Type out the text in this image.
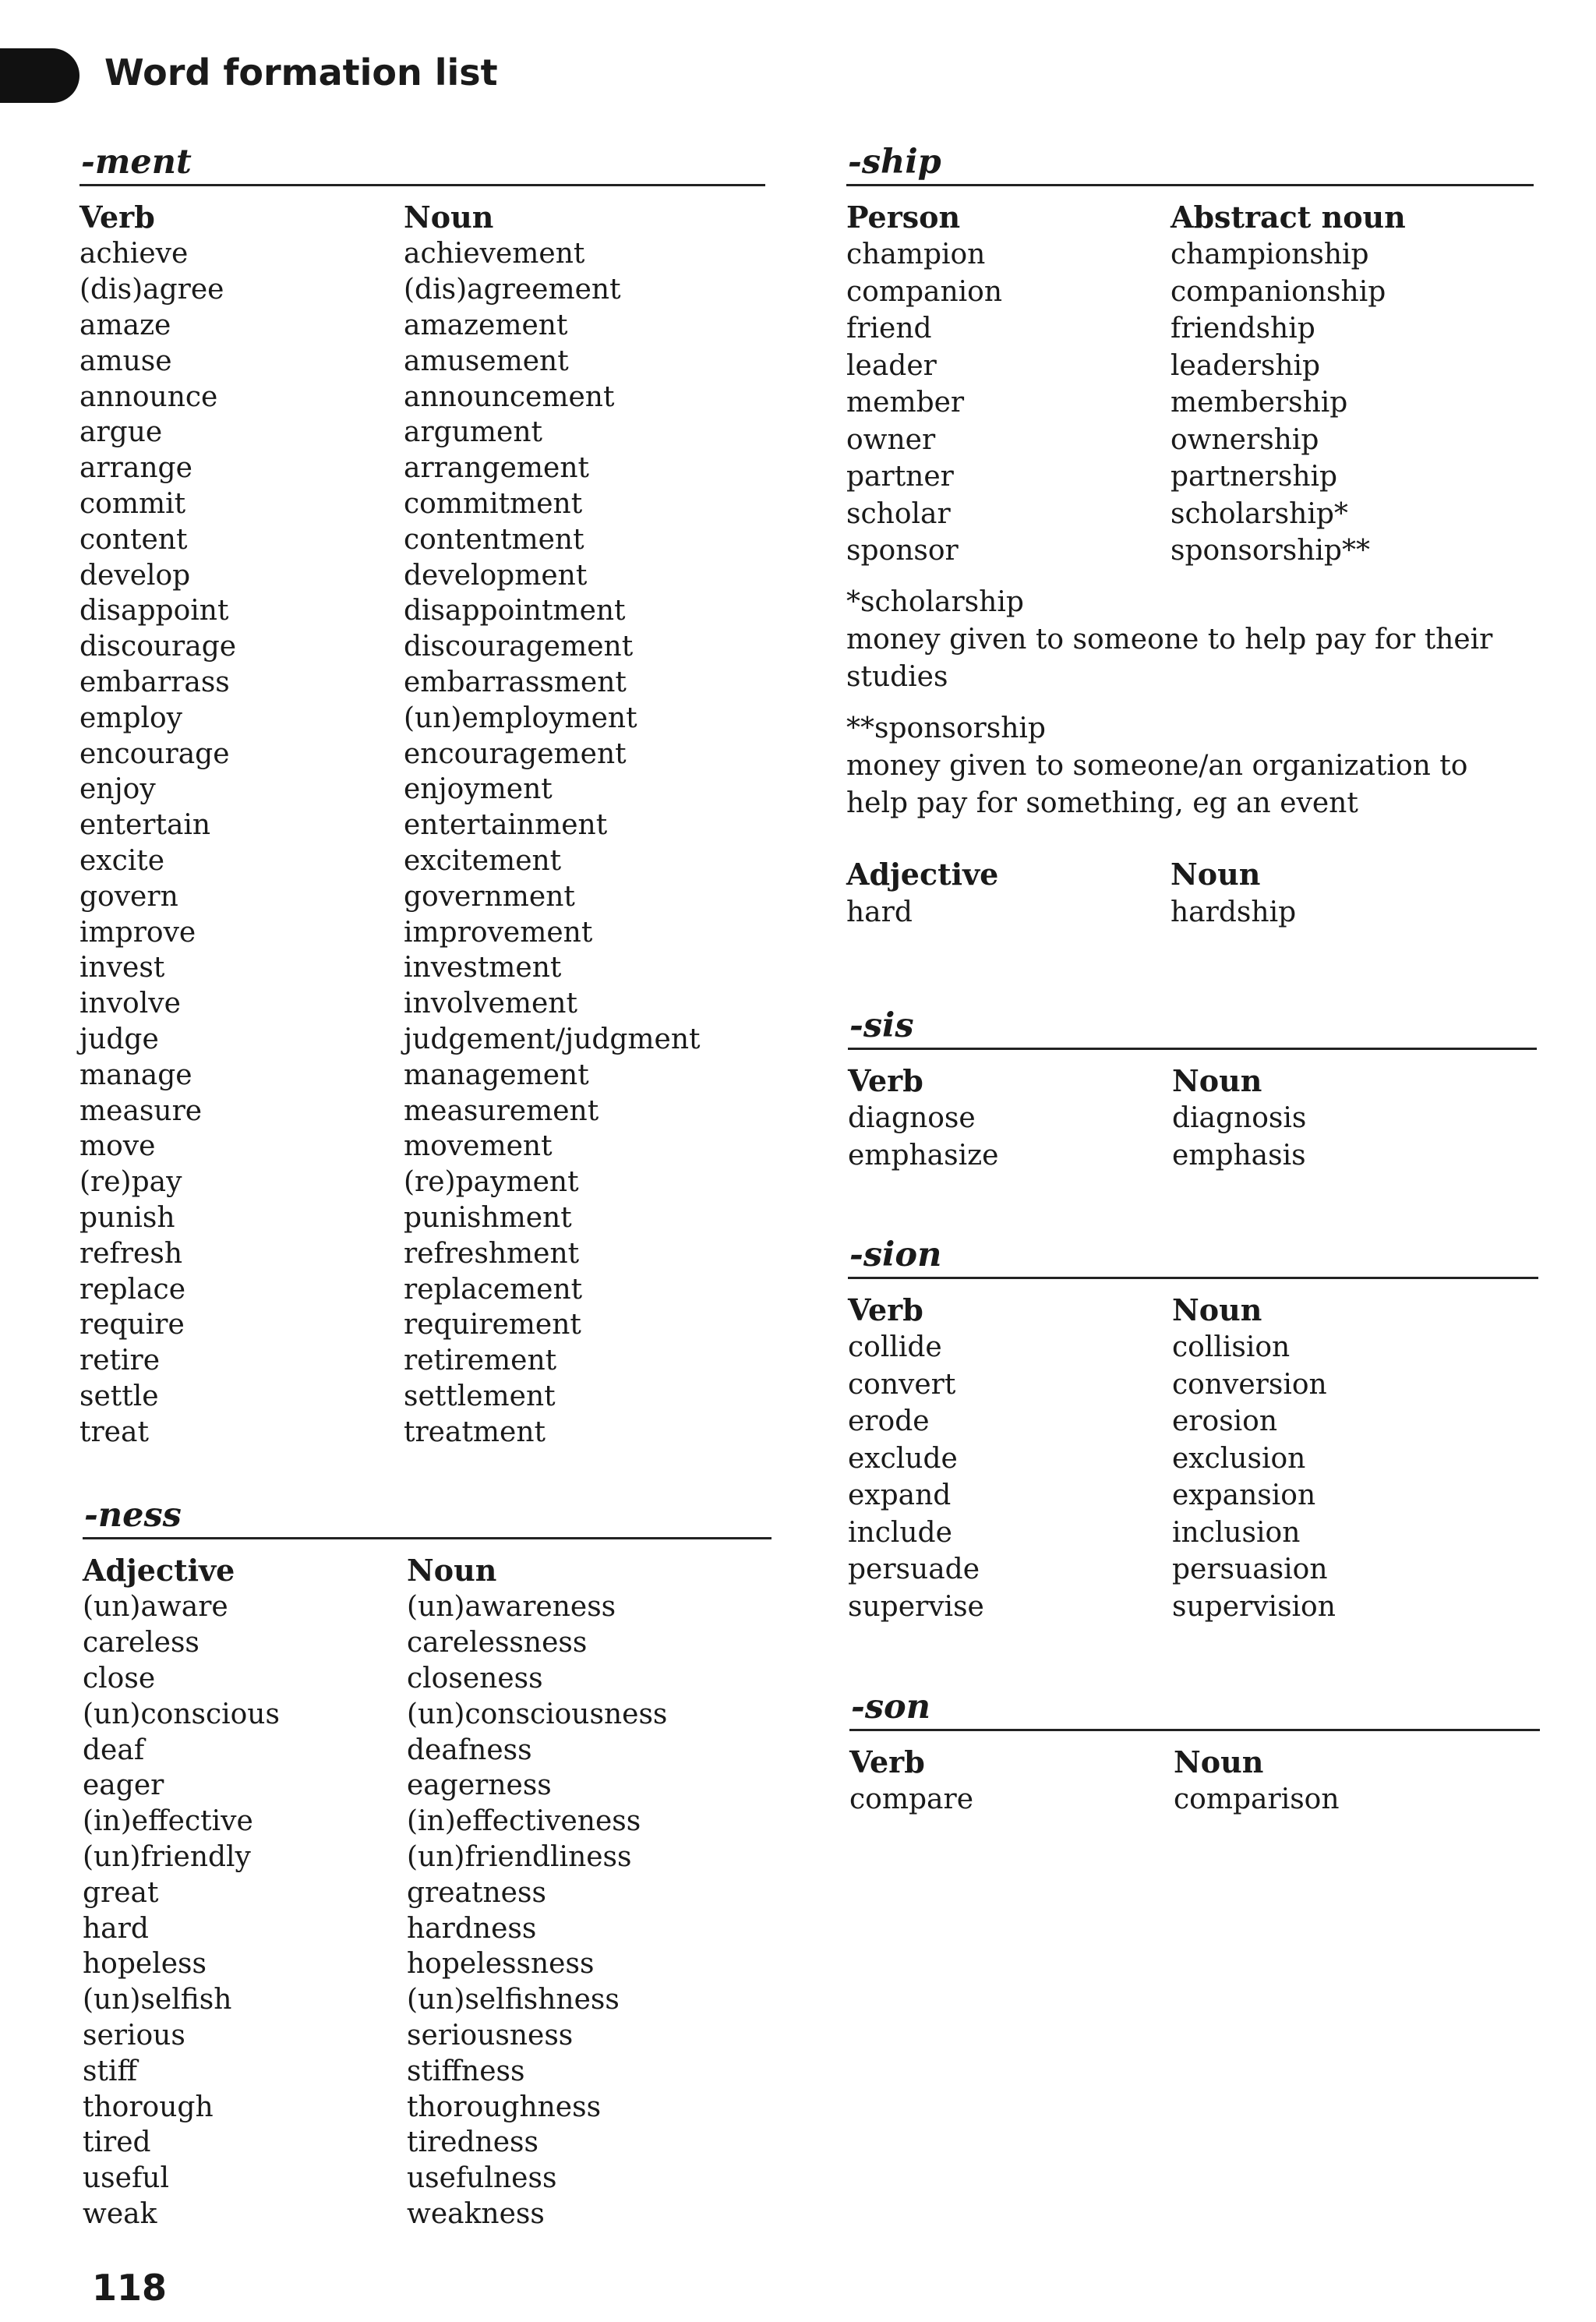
Word formation list
-ment
Verb	Noun
achieve	achievement
(dis)agree	(dis)agreement
amaze	amazement
amuse	amusement
announce	announcement
argue	argument
arrange	arrangement
commit	commitment
content	contentment
develop	development
disappoint	disappointment
discourage	discouragement
embarrass	embarrassment
employ	(un)employment
encourage	encouragement
enjoy	enjoyment
entertain	entertainment
excite	excitement
govern	government
improve	improvement
invest	investment
involve	involvement
judge	judgement/judgment
manage	management
measure	measurement
move	movement
(re)pay	(re)payment
punish	punishment
refresh	refreshment
replace	replacement
require	requirement
retire	retirement
settle	settlement
treat	treatment
-ness
Adjective	Noun
(un)aware	(un)awareness
careless	carelessness
close	closeness
(un)conscious	(un)consciousness
deaf	deafness
eager	eagerness
(in)effective	(in)effectiveness
(un)friendly	(un)friendliness
great	greatness
hard	hardness
hopeless	hopelessness
(un)selfish	(un)selfishness
serious	seriousness
stiff	stiffness
thorough	thoroughness
tired	tiredness
useful	usefulness
weak	weakness
-ship
Person	Abstract noun
champion	championship
companion	companionship
friend	friendship
leader	leadership
member	membership
owner	ownership
partner	partnership
scholar	scholarship*
sponsor	sponsorship**
*scholarship
money given to someone to help pay for their studies
**sponsorship
money given to someone/an organization to help pay for something, eg an event
Adjective	Noun
hard	hardship
-sis
Verb	Noun
diagnose	diagnosis
emphasize	emphasis
-sion
Verb	Noun
collide	collision
convert	conversion
erode	erosion
exclude	exclusion
expand	expansion
include	inclusion
persuade	persuasion
supervise	supervision
-son
Verb	Noun
compare	comparison
118
